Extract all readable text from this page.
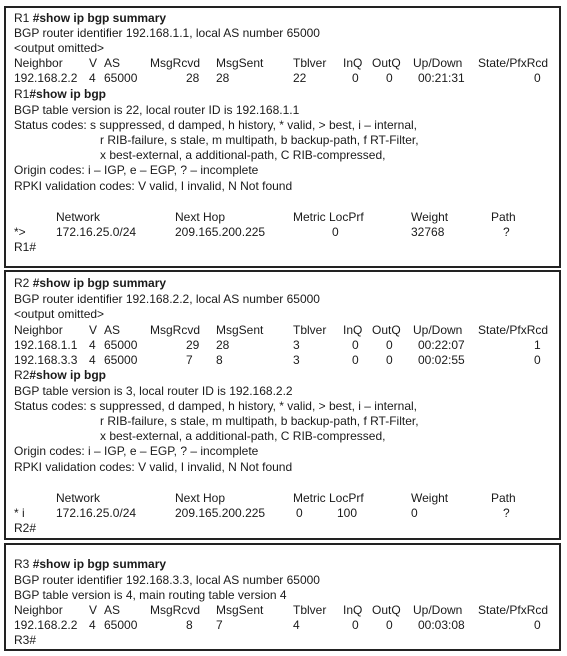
R1 #show ip bgp summary
BGP router identifier 192.168.1.1, local AS number 65000
<output omitted>
Neighbor V AS MsgRcvd MsgSent Tblver InQ OutQ Up/Down State/PfxRcd
192.168.2.2 4 65000	28 28	22	0 0 00:21:31	0
R1#show ip bgp
BGP table version is 22, local router ID is 192.168.1.1
Status codes: s suppressed, d damped, h history, * valid, > best, i – internal,
r RIB-failure, s stale, m multipath, b backup-path, f RT-Filter,
x best-external, a additional-path, C RIB-compressed,
Origin codes: i – IGP, e – EGP, ? – incomplete
RPKI validation codes: V valid, I invalid, N Not found
Network	Next Hop	Metric LocPrf	Weight	Path
*>	172.16.25.0/24	209.165.200.225	0	32768	?
R1#
R2 #show ip bgp summary
BGP router identifier 192.168.2.2, local AS number 65000
<output omitted>
Neighbor V AS MsgRcvd MsgSent Tblver InQ OutQ Up/Down State/PfxRcd
192.168.1.1 4 65000	29 28	3	0 0 00:22:07	1
192.168.3.3 4 65000	7 8	3	0 0 00:02:55	0
R2#show ip bgp
BGP table version is 3, local router ID is 192.168.2.2
Status codes: s suppressed, d damped, h history, * valid, > best, i – internal,
r RIB-failure, s stale, m multipath, b backup-path, f RT-Filter,
x best-external, a additional-path, C RIB-compressed,
Origin codes: i – IGP, e – EGP, ? – incomplete
RPKI validation codes: V valid, I invalid, N Not found
Network	Next Hop	Metric LocPrf	Weight	Path
* i	172.16.25.0/24	209.165.200.225	0	100	0	?
R2#
R3 #show ip bgp summary
BGP router identifier 192.168.3.3, local AS number 65000
BGP table version is 4, main routing table version 4
Neighbor V AS MsgRcvd MsgSent Tblver InQ OutQ Up/Down State/PfxRcd
192.168.2.2 4 65000	8 7	4	0 0 00:03:08	0
R3#
